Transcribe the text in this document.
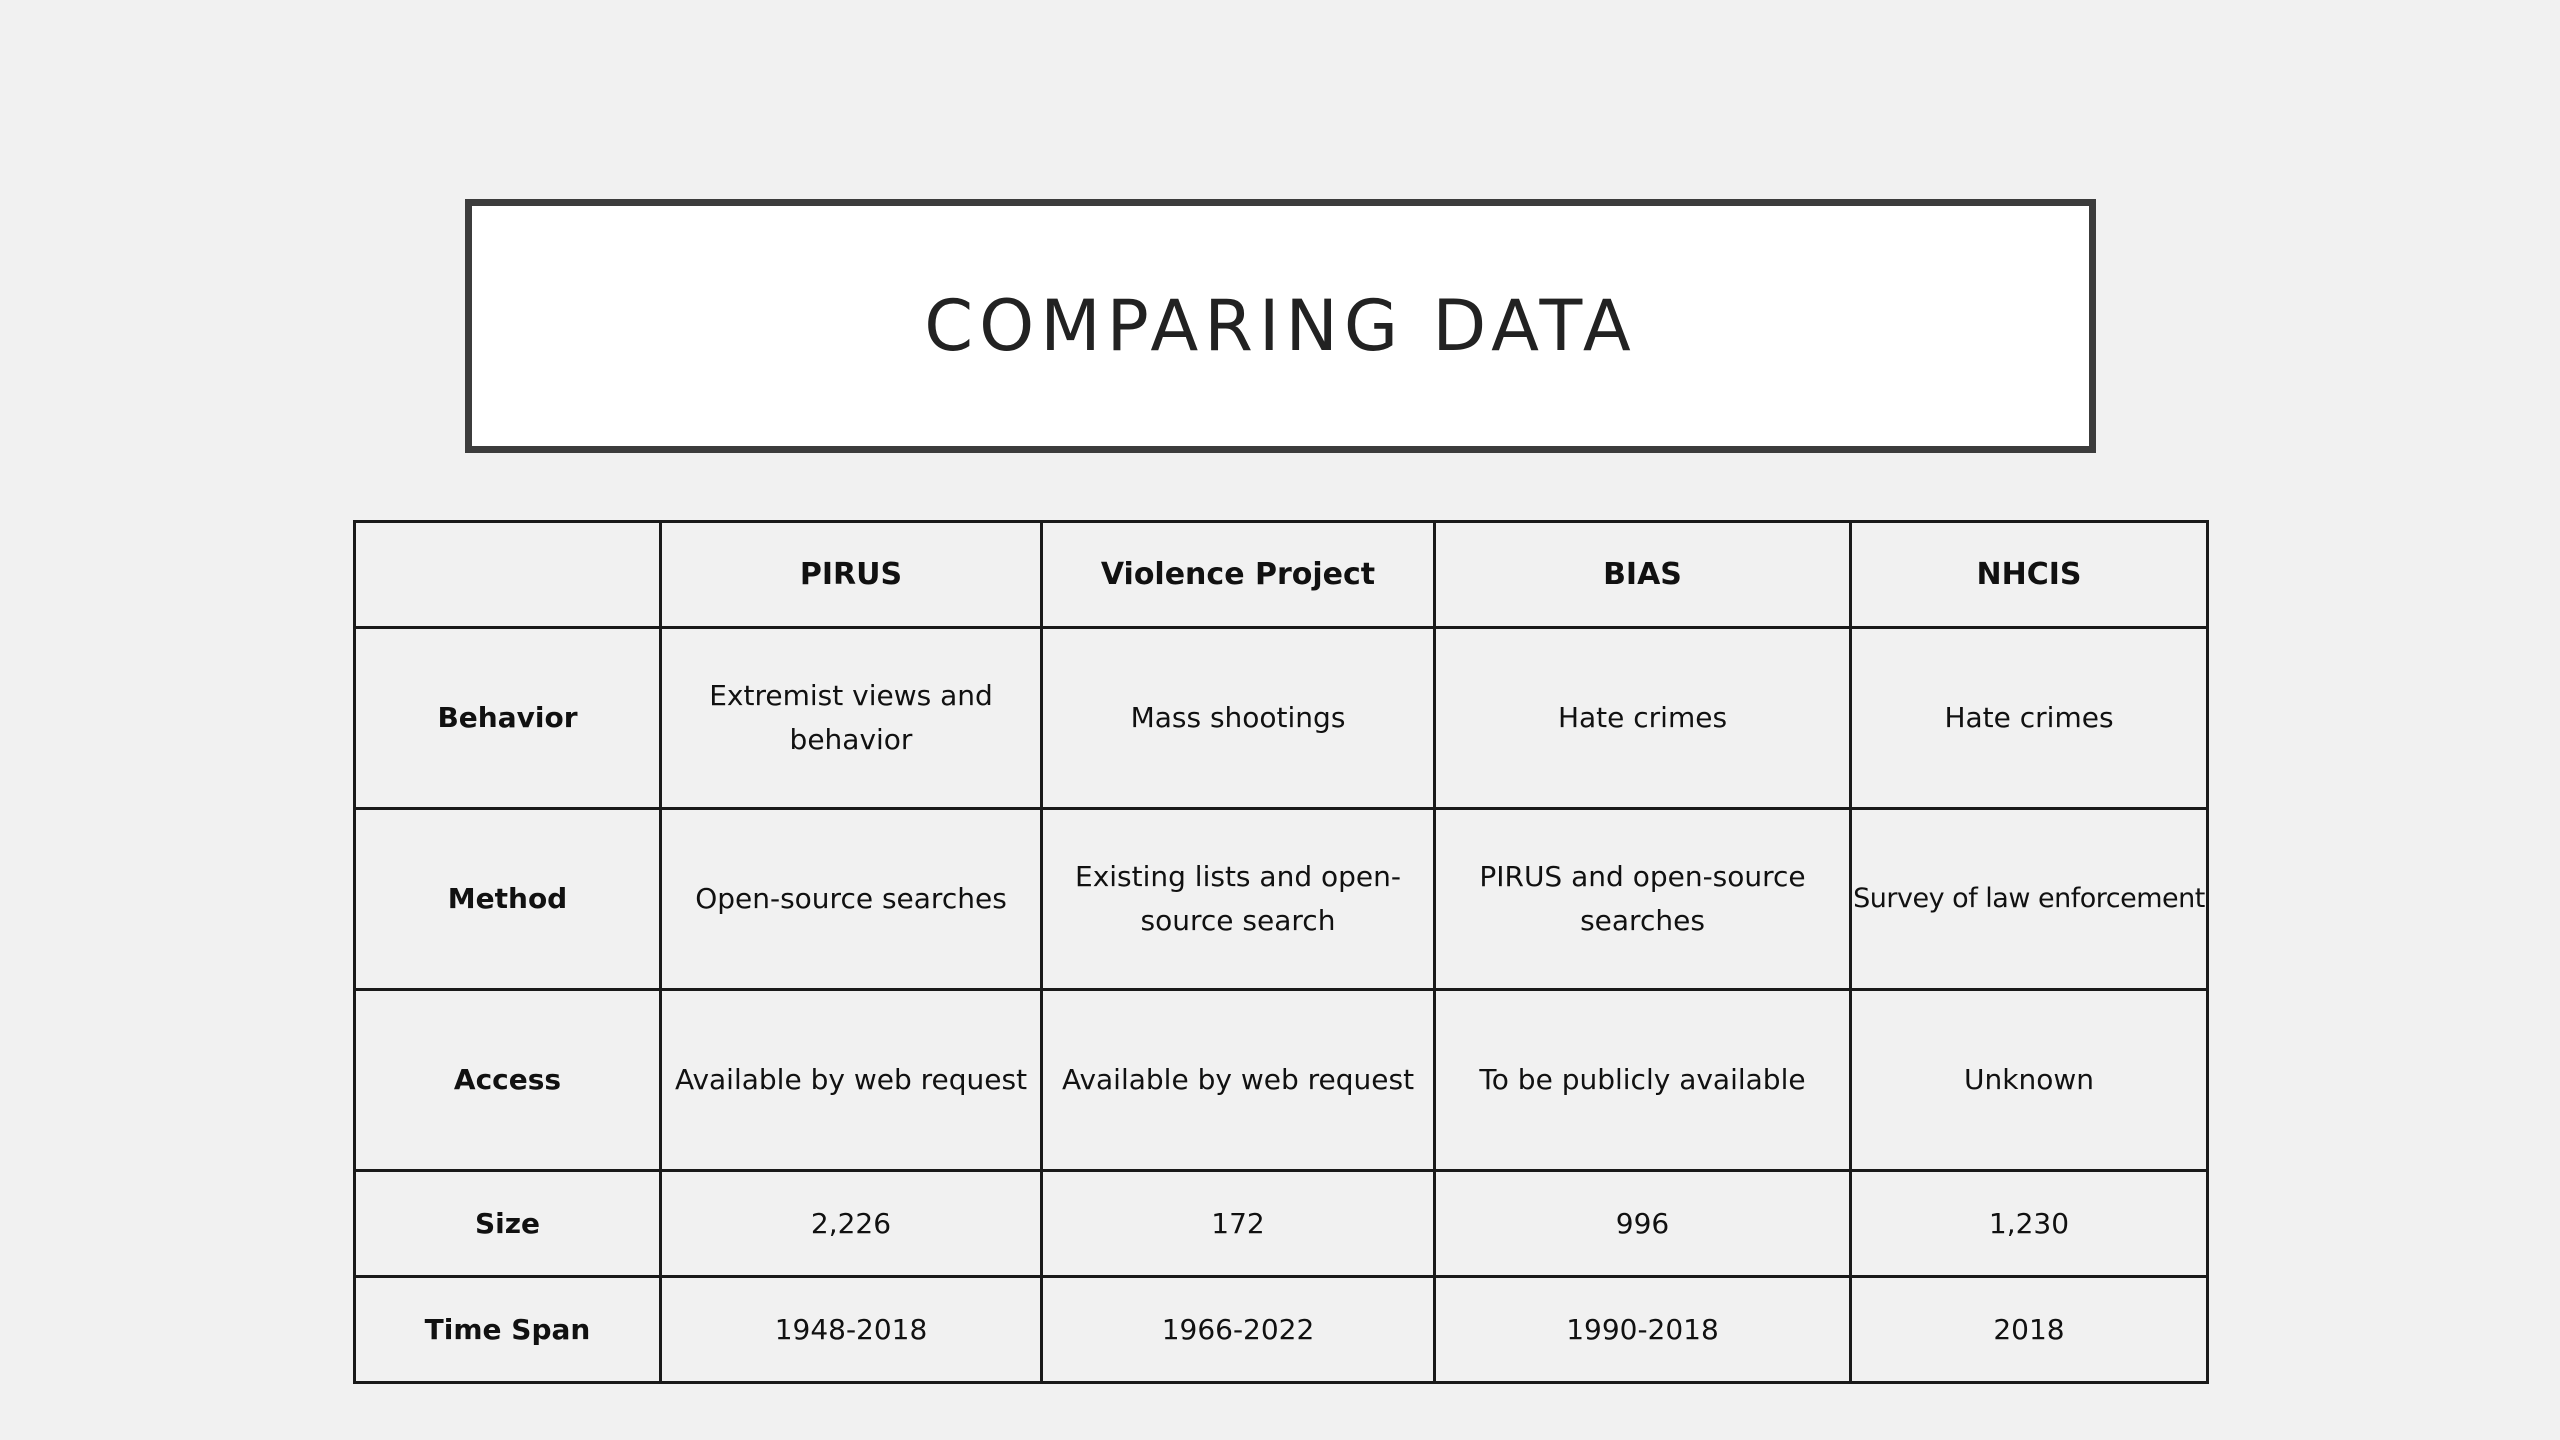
COMPARING DATA
	PIRUS	Violence Project	BIAS	NHCIS
Behavior	Extremist views and behavior	Mass shootings	Hate crimes	Hate crimes
Method	Open-source searches	Existing lists and open-source search	PIRUS and open-source searches	Survey of law enforcement
Access	Available by web request	Available by web request	To be publicly available	Unknown
Size	2,226	172	996	1,230
Time Span	1948-2018	1966-2022	1990-2018	2018
